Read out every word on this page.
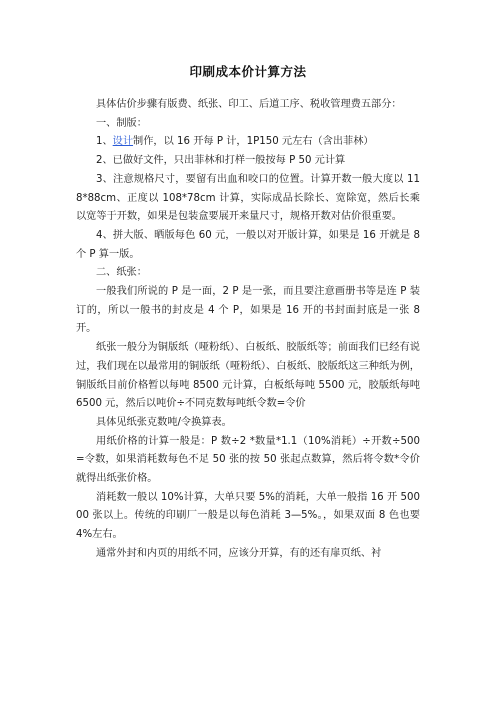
印刷成本价计算方法

具体估价步骤有版费、纸张、印工、后道工序、税收管理费五部分：

一、制版：

1、设计制作，以 16 开每 P 计，1P150 元左右（含出菲林）

2、已做好文件，只出菲林和打样一般按每 P 50 元计算

3、注意规格尺寸，要留有出血和咬口的位置。计算开数一般大度以 118*88cm、正度以 108*78cm 计算，实际成品长除长、宽除宽，然后长乘以宽等于开数，如果是包装盒要展开来量尺寸，规格开数对估价很重要。

4、拼大版、晒版每色 60 元，一般以对开版计算，如果是 16 开就是 8 个 P 算一版。

二、纸张：

一般我们所说的 P 是一面，2 P 是一张，而且要注意画册书等是连 P 装订的，所以一般书的封皮是 4 个 P，如果是 16 开的书封面封底是一张 8 开。

纸张一般分为铜版纸（哑粉纸）、白板纸、胶版纸等；前面我们已经有说过，我们现在以最常用的铜版纸（哑粉纸）、白板纸、胶版纸这三种纸为例，铜版纸目前价格暂以每吨 8500 元计算，白板纸每吨 5500 元，胶版纸每吨 6500 元，然后以吨价÷不同克数每吨纸令数=令价

具体见纸张克数吨/令换算表。

用纸价格的计算一般是：P 数÷2 *数量*1.1（10%消耗）÷开数÷500=令数，如果消耗数每色不足 50 张的按 50 张起点数算，然后将令数*令价就得出纸张价格。

消耗数一般以 10%计算，大单只要 5%的消耗，大单一般指 16 开 50000 张以上。传统的印刷厂一般是以每色消耗 3—5%。，如果双面 8 色也要 4%左右。

通常外封和内页的用纸不同，应该分开算，有的还有扉页纸、衬
